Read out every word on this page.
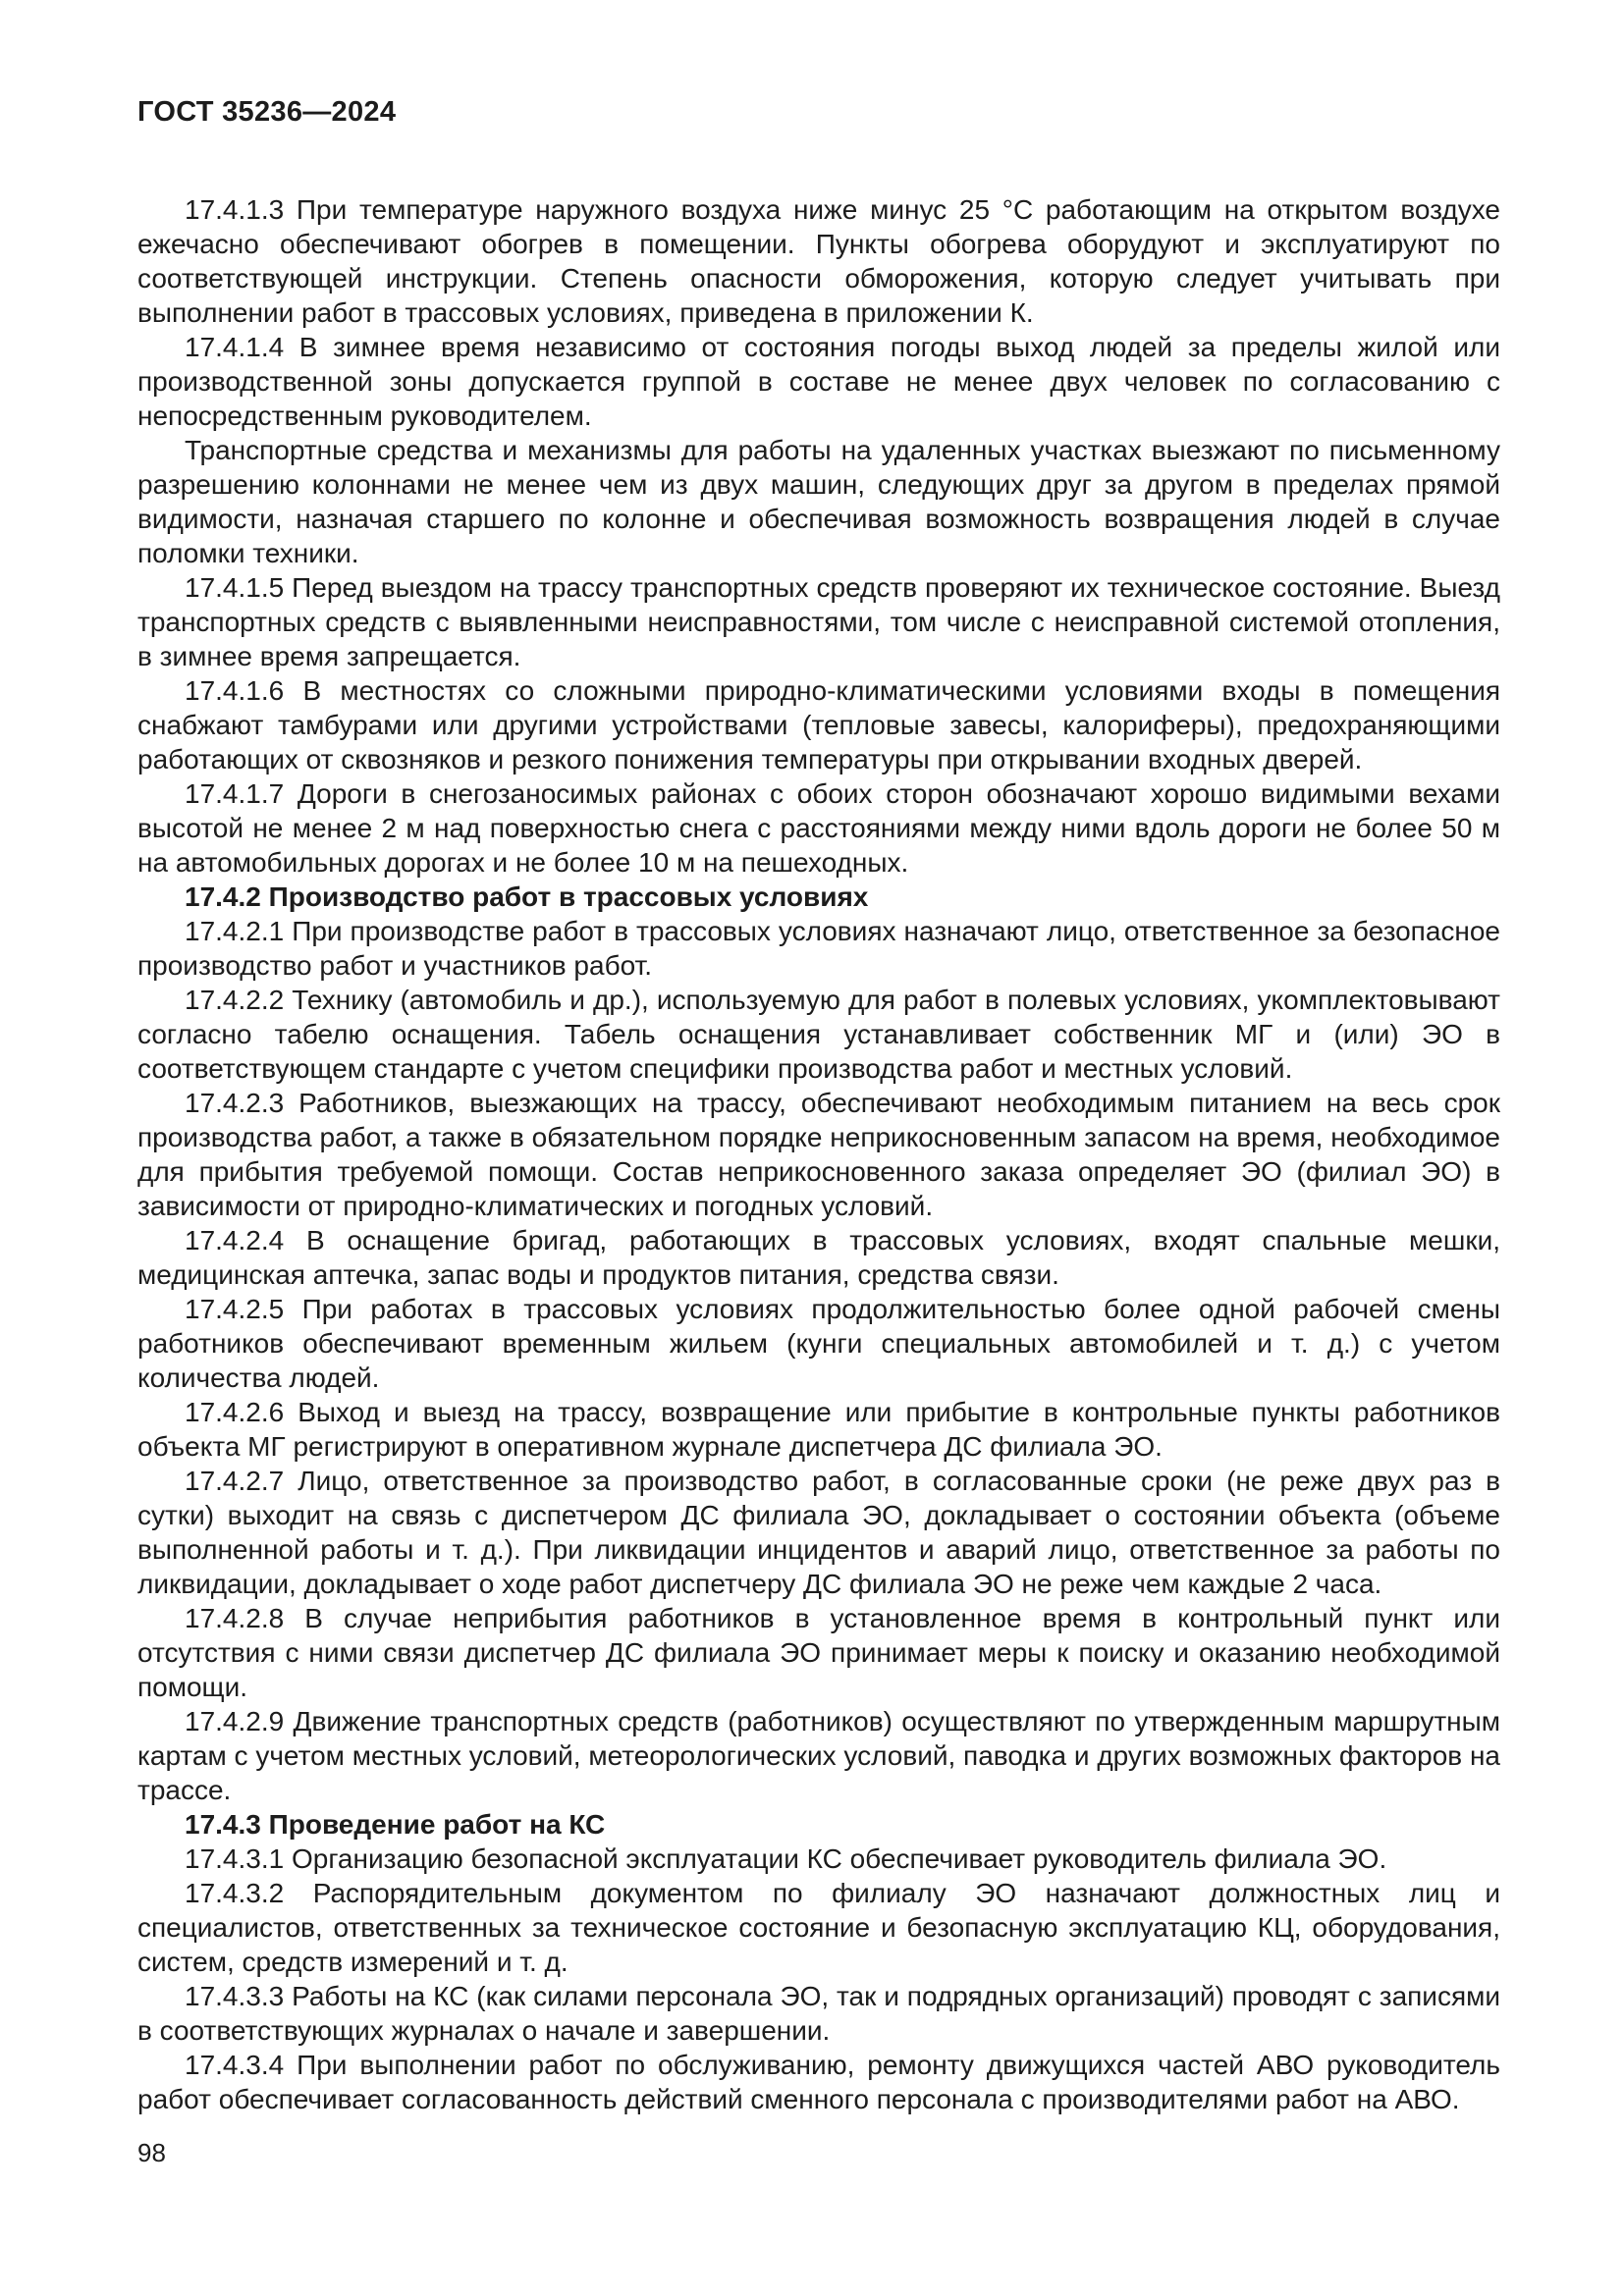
ГОСТ 35236—2024

17.4.1.3 При температуре наружного воздуха ниже минус 25 °С работающим на открытом воздухе ежечасно обеспечивают обогрев в помещении. Пункты обогрева оборудуют и эксплуатируют по соответствующей инструкции. Степень опасности обморожения, которую следует учитывать при выполнении работ в трассовых условиях, приведена в приложении К.

17.4.1.4 В зимнее время независимо от состояния погоды выход людей за пределы жилой или производственной зоны допускается группой в составе не менее двух человек по согласованию с непосредственным руководителем.

Транспортные средства и механизмы для работы на удаленных участках выезжают по письменному разрешению колоннами не менее чем из двух машин, следующих друг за другом в пределах прямой видимости, назначая старшего по колонне и обеспечивая возможность возвращения людей в случае поломки техники.

17.4.1.5 Перед выездом на трассу транспортных средств проверяют их техническое состояние. Выезд транспортных средств с выявленными неисправностями, том числе с неисправной системой отопления, в зимнее время запрещается.

17.4.1.6 В местностях со сложными природно-климатическими условиями входы в помещения снабжают тамбурами или другими устройствами (тепловые завесы, калориферы), предохраняющими работающих от сквозняков и резкого понижения температуры при открывании входных дверей.

17.4.1.7 Дороги в снегозаносимых районах с обоих сторон обозначают хорошо видимыми вехами высотой не менее 2 м над поверхностью снега с расстояниями между ними вдоль дороги не более 50 м на автомобильных дорогах и не более 10 м на пешеходных.

17.4.2 Производство работ в трассовых условиях

17.4.2.1 При производстве работ в трассовых условиях назначают лицо, ответственное за безопасное производство работ и участников работ.

17.4.2.2 Технику (автомобиль и др.), используемую для работ в полевых условиях, укомплектовывают согласно табелю оснащения. Табель оснащения устанавливает собственник МГ и (или) ЭО в соответствующем стандарте с учетом специфики производства работ и местных условий.

17.4.2.3 Работников, выезжающих на трассу, обеспечивают необходимым питанием на весь срок производства работ, а также в обязательном порядке неприкосновенным запасом на время, необходимое для прибытия требуемой помощи. Состав неприкосновенного заказа определяет ЭО (филиал ЭО) в зависимости от природно-климатических и погодных условий.

17.4.2.4 В оснащение бригад, работающих в трассовых условиях, входят спальные мешки, медицинская аптечка, запас воды и продуктов питания, средства связи.

17.4.2.5 При работах в трассовых условиях продолжительностью более одной рабочей смены работников обеспечивают временным жильем (кунги специальных автомобилей и т. д.) с учетом количества людей.

17.4.2.6 Выход и выезд на трассу, возвращение или прибытие в контрольные пункты работников объекта МГ регистрируют в оперативном журнале диспетчера ДС филиала ЭО.

17.4.2.7 Лицо, ответственное за производство работ, в согласованные сроки (не реже двух раз в сутки) выходит на связь с диспетчером ДС филиала ЭО, докладывает о состоянии объекта (объеме выполненной работы и т. д.). При ликвидации инцидентов и аварий лицо, ответственное за работы по ликвидации, докладывает о ходе работ диспетчеру ДС филиала ЭО не реже чем каждые 2 часа.

17.4.2.8 В случае неприбытия работников в установленное время в контрольный пункт или отсутствия с ними связи диспетчер ДС филиала ЭО принимает меры к поиску и оказанию необходимой помощи.

17.4.2.9 Движение транспортных средств (работников) осуществляют по утвержденным маршрутным картам с учетом местных условий, метеорологических условий, паводка и других возможных факторов на трассе.

17.4.3 Проведение работ на КС

17.4.3.1 Организацию безопасной эксплуатации КС обеспечивает руководитель филиала ЭО.

17.4.3.2 Распорядительным документом по филиалу ЭО назначают должностных лиц и специалистов, ответственных за техническое состояние и безопасную эксплуатацию КЦ, оборудования, систем, средств измерений и т. д.

17.4.3.3 Работы на КС (как силами персонала ЭО, так и подрядных организаций) проводят с записями в соответствующих журналах о начале и завершении.

17.4.3.4 При выполнении работ по обслуживанию, ремонту движущихся частей АВО руководитель работ обеспечивает согласованность действий сменного персонала с производителями работ на АВО.

98
